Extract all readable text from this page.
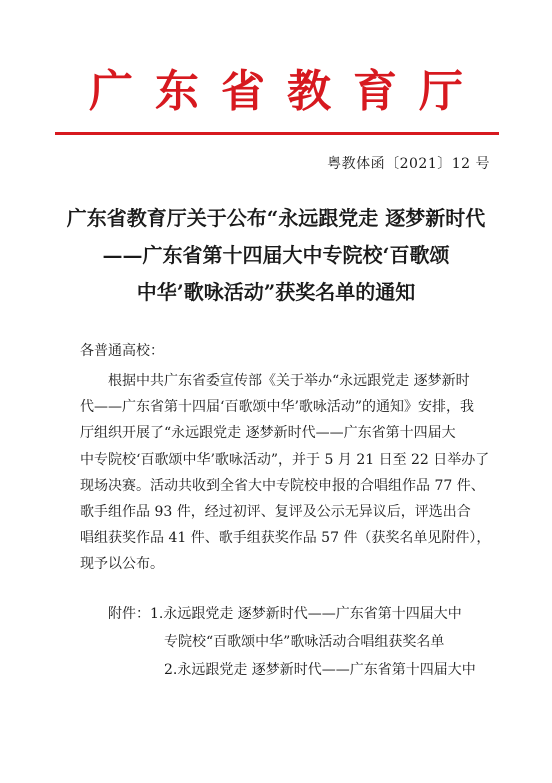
广东省教育厅
粤教体函〔2021〕12 号
广东省教育厅关于公布“永远跟党走 逐梦新时代
——广东省第十四届大中专院校‘百歌颂
中华’歌咏活动”获奖名单的通知
各普通高校：
根据中共广东省委宣传部《关于举办“永远跟党走 逐梦新时
代——广东省第十四届‘百歌颂中华’歌咏活动”的通知》安排，我
厅组织开展了“永远跟党走 逐梦新时代——广东省第十四届大
中专院校‘百歌颂中华’歌咏活动”，并于 5 月 21 日至 22 日举办了
现场决赛。活动共收到全省大中专院校申报的合唱组作品 77 件、
歌手组作品 93 件，经过初评、复评及公示无异议后，评选出合
唱组获奖作品 41 件、歌手组获奖作品 57 件（获奖名单见附件），
现予以公布。
附件：1.永远跟党走 逐梦新时代——广东省第十四届大中
专院校“百歌颂中华”歌咏活动合唱组获奖名单
2.永远跟党走 逐梦新时代——广东省第十四届大中
